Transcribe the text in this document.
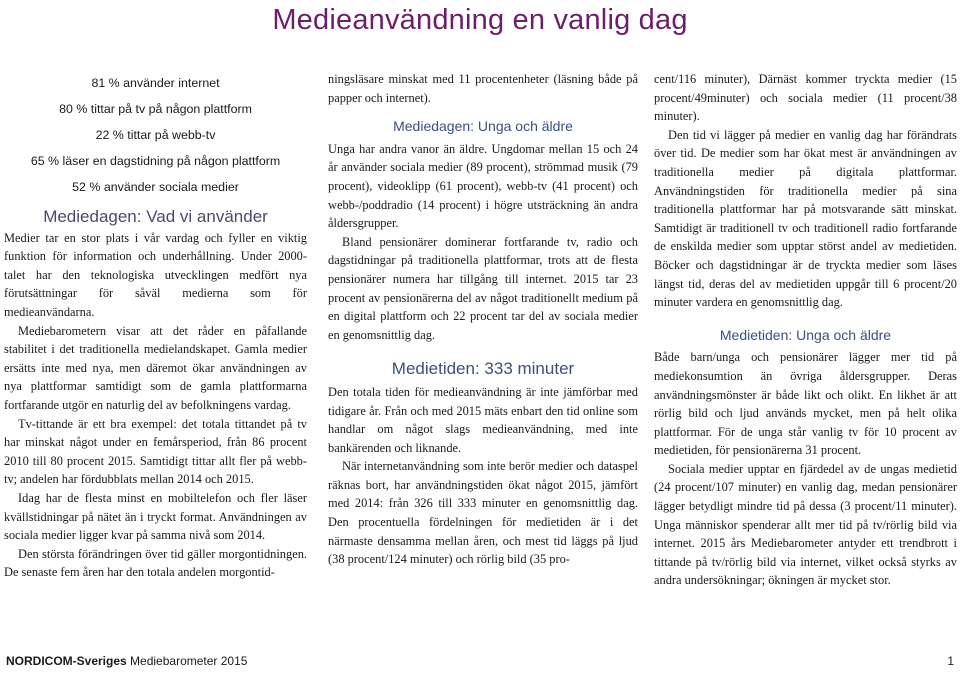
Medieanvändning en vanlig dag
81 % använder internet
80 % tittar på tv på någon plattform
22 % tittar på webb-tv
65 % läser en dagstidning på någon plattform
52 % använder sociala medier
Mediedagen: Vad vi använder

Medier tar en stor plats i vår vardag och fyller en viktig funktion för information och underhållning. Under 2000-talet har den teknologiska utvecklingen medfört nya förutsättningar för såväl medierna som för medieanvändarna.

Mediebarometern visar att det råder en påfallande stabilitet i det traditionella medielandskapet. Gamla medier ersätts inte med nya, men däremot ökar användningen av nya plattformar samtidigt som de gamla plattformarna fortfarande utgör en naturlig del av befolkningens vardag.

Tv-tittande är ett bra exempel: det totala tittandet på tv har minskat något under en femårsperiod, från 86 procent 2010 till 80 procent 2015. Samtidigt tittar allt fler på webb-tv; andelen har fördubblats mellan 2014 och 2015.

Idag har de flesta minst en mobiltelefon och fler läser kvällstidningar på nätet än i tryckt format. Användningen av sociala medier ligger kvar på samma nivå som 2014.

Den största förändringen över tid gäller morgontidningen. De senaste fem åren har den totala andelen morgontid-

ningsläsare minskat med 11 procentenheter (läsning både på papper och internet).

Mediedagen: Unga och äldre

Unga har andra vanor än äldre. Ungdomar mellan 15 och 24 år använder sociala medier (89 procent), strömmad musik (79 procent), videoklipp (61 procent), webb-tv (41 procent) och webb-/poddradio (14 procent) i högre utsträckning än andra åldersgrupper.

Bland pensionärer dominerar fortfarande tv, radio och dagstidningar på traditionella plattformar, trots att de flesta pensionärer numera har tillgång till internet. 2015 tar 23 procent av pensionärerna del av något traditionellt medium på en digital plattform och 22 procent tar del av sociala medier en genomsnittlig dag.

Medietiden: 333 minuter

Den totala tiden för medieanvändning är inte jämförbar med tidigare år. Från och med 2015 mäts enbart den tid online som handlar om något slags medieanvändning, med inte bankärenden och liknande.

När internetanvändning som inte berör medier och dataspel räknas bort, har användningstiden ökat något 2015, jämfört med 2014: från 326 till 333 minuter en genomsnittlig dag. Den procentuella fördelningen för medietiden är i det närmaste densamma mellan åren, och mest tid läggs på ljud (38 procent/124 minuter) och rörlig bild (35 pro-

cent/116 minuter), Därnäst kommer tryckta medier (15 procent/49minuter) och sociala medier (11 procent/38 minuter).

Den tid vi lägger på medier en vanlig dag har förändrats över tid. De medier som har ökat mest är användningen av traditionella medier på digitala plattformar. Användningstiden för traditionella medier på sina traditionella plattformar har på motsvarande sätt minskat. Samtidigt är traditionell tv och traditionell radio fortfarande de enskilda medier som upptar störst andel av medietiden. Böcker och dagstidningar är de tryckta medier som läses längst tid, deras del av medietiden uppgår till 6 procent/20 minuter vardera en genomsnittlig dag.

Medietiden: Unga och äldre

Både barn/unga och pensionärer lägger mer tid på mediekonsumtion än övriga åldersgrupper. Deras användningsmönster är både likt och olikt. En likhet är att rörlig bild och ljud används mycket, men på helt olika plattformar. För de unga står vanlig tv för 10 procent av medietiden, för pensionärerna 31 procent.

Sociala medier upptar en fjärdedel av de ungas medietid (24 procent/107 minuter) en vanlig dag, medan pensionärer lägger betydligt mindre tid på dessa (3 procent/11 minuter). Unga människor spenderar allt mer tid på tv/rörlig bild via internet. 2015 års Mediebarometer antyder ett trendbrott i tittande på tv/rörlig bild via internet, vilket också styrks av andra undersökningar; ökningen är mycket stor.

NORDICOM-Sveriges Mediebarometer 2015	1
